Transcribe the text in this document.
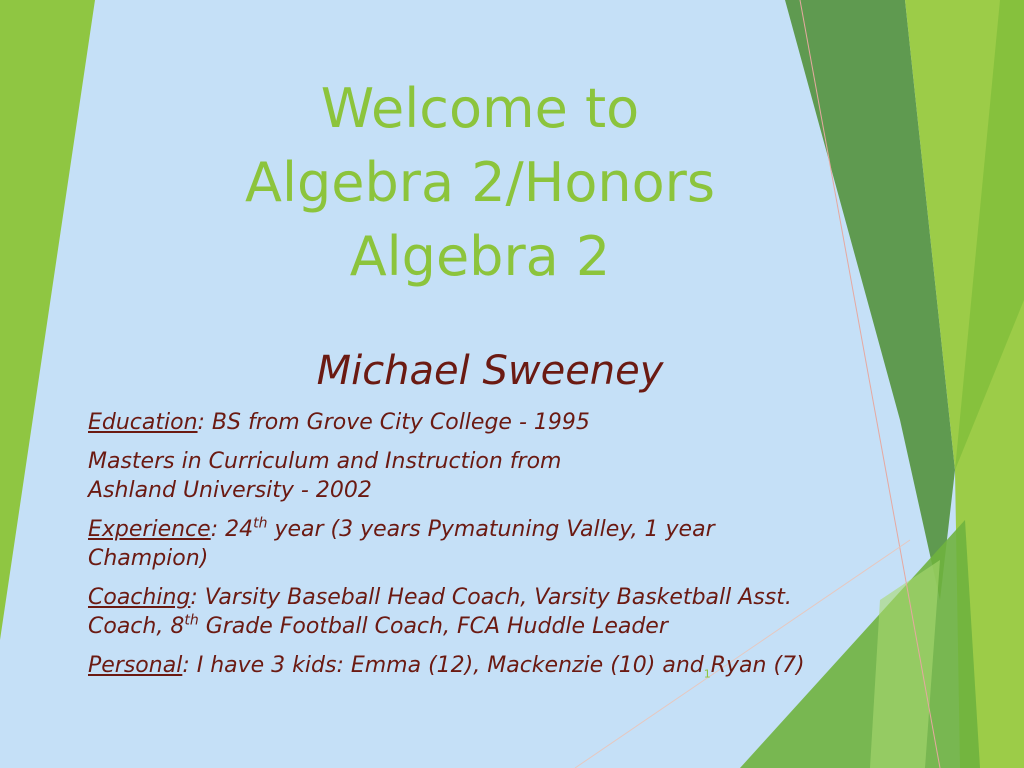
Welcome to
Algebra 2/Honors
Algebra 2
Michael Sweeney

Education: BS from Grove City College - 1995

Masters in Curriculum and Instruction from
Ashland University - 2002

Experience: 24th year (3 years Pymatuning Valley, 1 year
Champion)

Coaching: Varsity Baseball Head Coach, Varsity Basketball Asst.
Coach, 8th Grade Football Coach, FCA Huddle Leader

Personal: I have 3 kids: Emma (12), Mackenzie (10) and$_1$Ryan (7)
